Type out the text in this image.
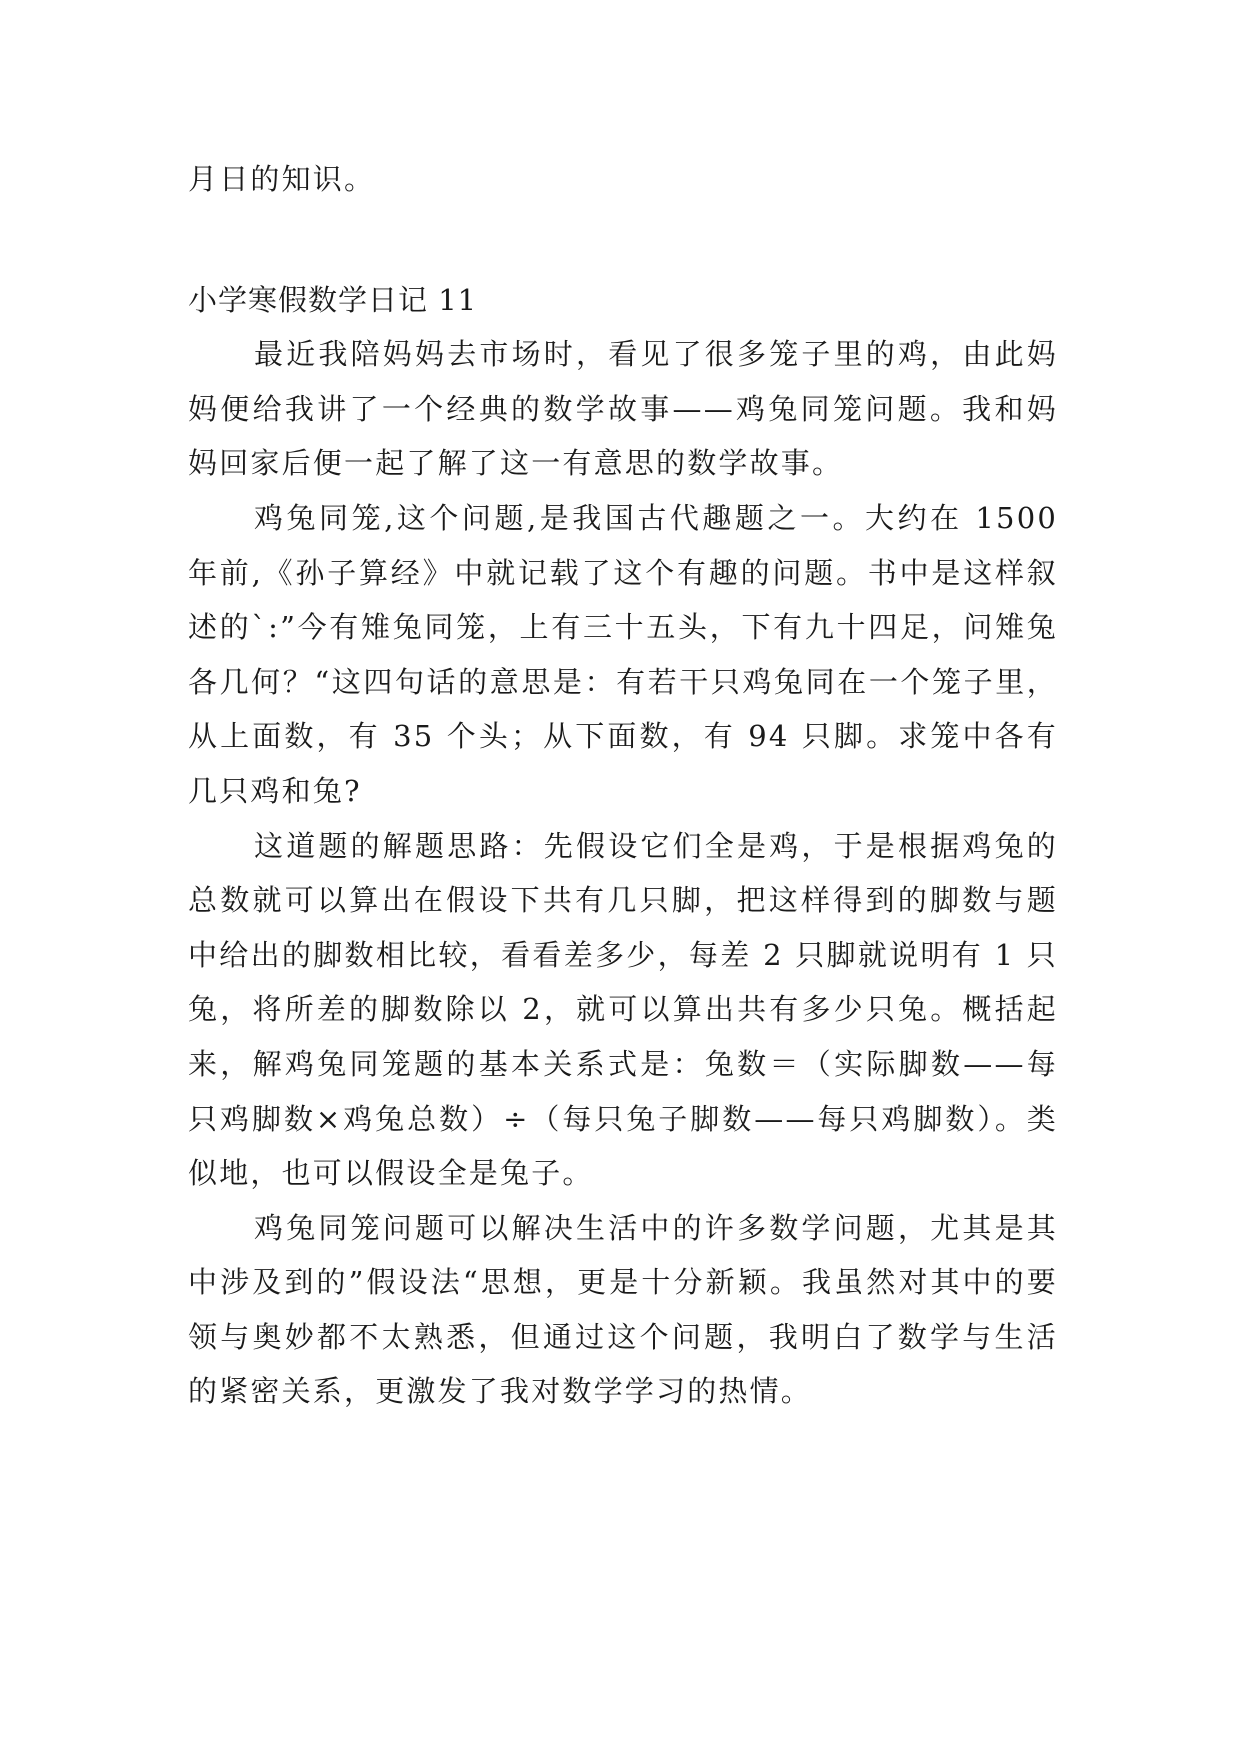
月日的知识。

小学寒假数学日记 11

最近我陪妈妈去市场时，看见了很多笼子里的鸡，由此妈妈便给我讲了一个经典的数学故事——鸡兔同笼问题。我和妈妈回家后便一起了解了这一有意思的数学故事。

鸡兔同笼,这个问题,是我国古代趣题之一。大约在 1500 年前,《孙子算经》中就记载了这个有趣的问题。书中是这样叙述的`:”今有雉兔同笼，上有三十五头，下有九十四足，问雉兔各几何？“这四句话的意思是：有若干只鸡兔同在一个笼子里，从上面数，有 35 个头；从下面数，有 94 只脚。求笼中各有几只鸡和兔?

这道题的解题思路：先假设它们全是鸡，于是根据鸡兔的总数就可以算出在假设下共有几只脚，把这样得到的脚数与题中给出的脚数相比较，看看差多少，每差 2 只脚就说明有 1 只兔，将所差的脚数除以 2，就可以算出共有多少只兔。概括起来，解鸡兔同笼题的基本关系式是：兔数＝（实际脚数——每只鸡脚数×鸡兔总数）÷（每只兔子脚数——每只鸡脚数）。类似地，也可以假设全是兔子。

鸡兔同笼问题可以解决生活中的许多数学问题，尤其是其中涉及到的”假设法“思想，更是十分新颖。我虽然对其中的要领与奥妙都不太熟悉，但通过这个问题，我明白了数学与生活的紧密关系，更激发了我对数学学习的热情。
